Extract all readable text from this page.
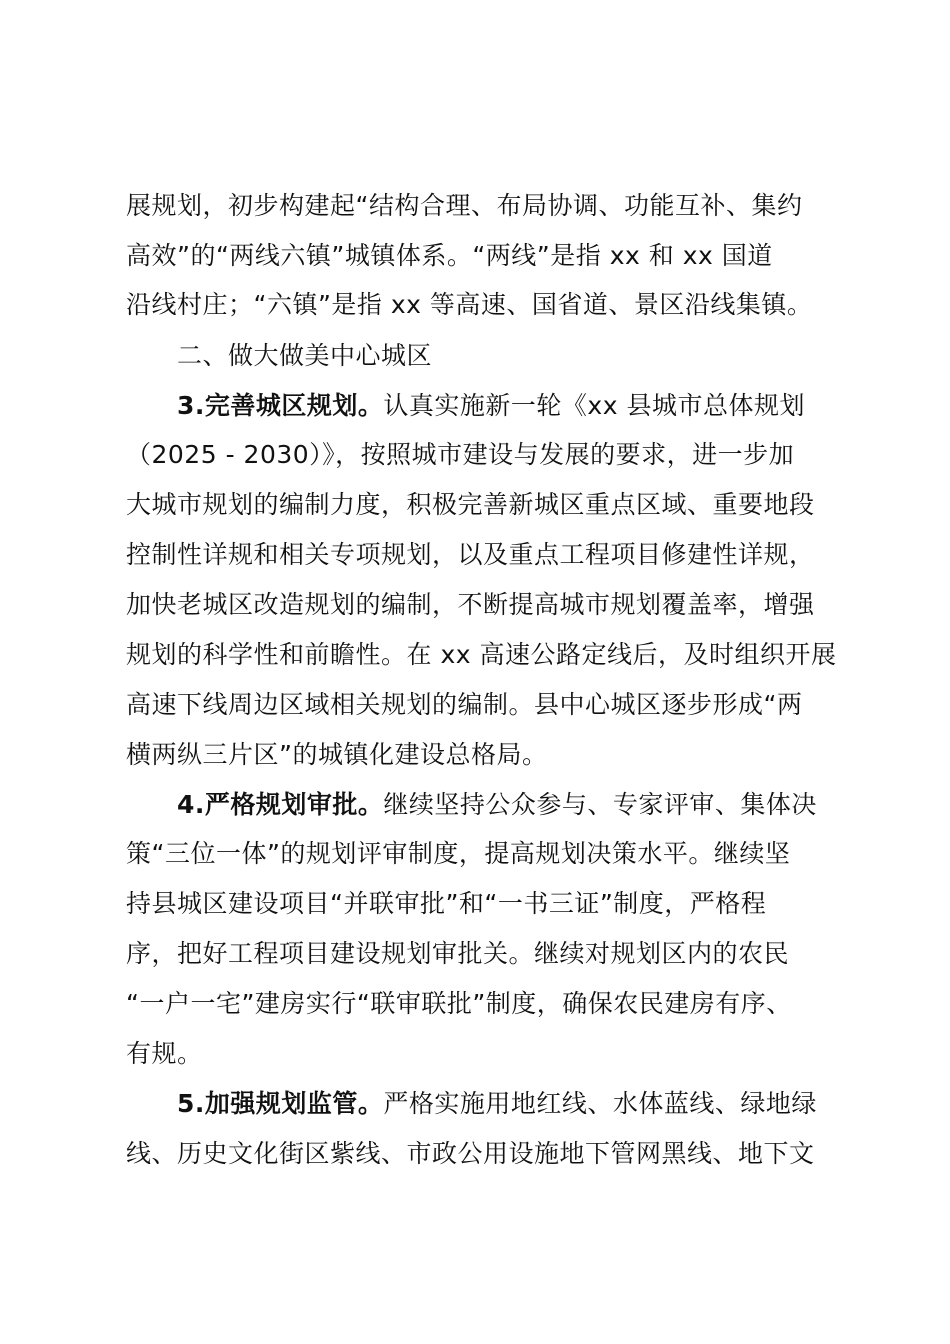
展规划，初步构建起“结构合理、布局协调、功能互补、集约
高效”的“两线六镇”城镇体系。“两线”是指 xx 和 xx 国道
沿线村庄；“六镇”是指 xx 等高速、国省道、景区沿线集镇。
二、做大做美中心城区
3.完善城区规划。认真实施新一轮《xx 县城市总体规划
（2025 - 2030）》，按照城市建设与发展的要求，进一步加
大城市规划的编制力度，积极完善新城区重点区域、重要地段
控制性详规和相关专项规划，以及重点工程项目修建性详规，
加快老城区改造规划的编制，不断提高城市规划覆盖率，增强
规划的科学性和前瞻性。在 xx 高速公路定线后，及时组织开展
高速下线周边区域相关规划的编制。县中心城区逐步形成“两
横两纵三片区”的城镇化建设总格局。
4.严格规划审批。继续坚持公众参与、专家评审、集体决
策“三位一体”的规划评审制度，提高规划决策水平。继续坚
持县城区建设项目“并联审批”和“一书三证”制度，严格程
序，把好工程项目建设规划审批关。继续对规划区内的农民
“一户一宅”建房实行“联审联批”制度，确保农民建房有序、
有规。
5.加强规划监管。严格实施用地红线、水体蓝线、绿地绿
线、历史文化街区紫线、市政公用设施地下管网黑线、地下文
